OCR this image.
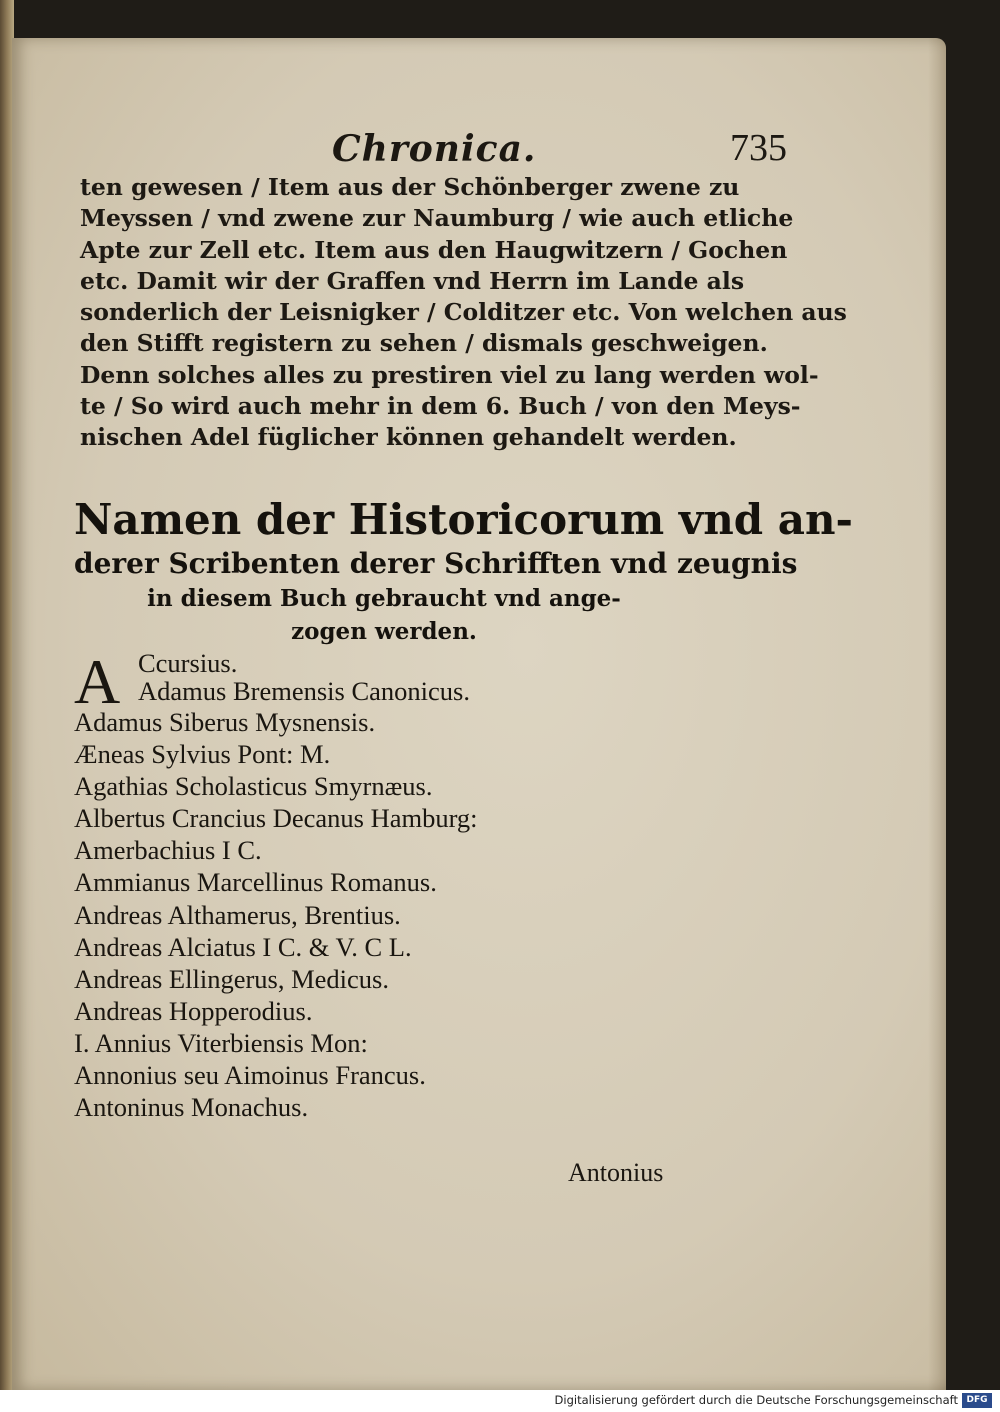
Chronica.	735

ten gewesen / Item aus der Schönberger zwene zu
Meyssen / vnd zwene zur Naumburg / wie auch etliche
Apte zur Zell etc. Item aus den Haugwitzern / Gochen
etc. Damit wir der Graffen vnd Herrn im Lande als
sonderlich der Leisnigker / Colditzer etc. Von welchen aus
den Stifft registern zu sehen / dismals geschweigen.
Denn solches alles zu prestiren viel zu lang werden wol-
te / So wird auch mehr in dem 6. Buch / von den Meys-
nischen Adel füglicher können gehandelt werden.

Namen der Historicorum vnd an-
derer Scribenten derer Schrifften vnd zeugnis
in diesem Buch gebraucht vnd ange-
zogen werden.
A Ccursius.
Adamus Bremensis Canonicus.
Adamus Siberus Mysnensis.
Æneas Sylvius Pont: M.
Agathias Scholasticus Smyrnæus.
Albertus Crancius Decanus Hamburg:
Amerbachius I C.
Ammianus Marcellinus Romanus.
Andreas Althamerus, Brentius.
Andreas Alciatus I C. & V. C L.
Andreas Ellingerus, Medicus.
Andreas Hopperodius.
I. Annius Viterbiensis Mon:
Annonius seu Aimoinus Francus.
Antoninus Monachus.
Antonius
Digitalisierung gefördert durch die Deutsche Forschungsgemeinschaft DFG
